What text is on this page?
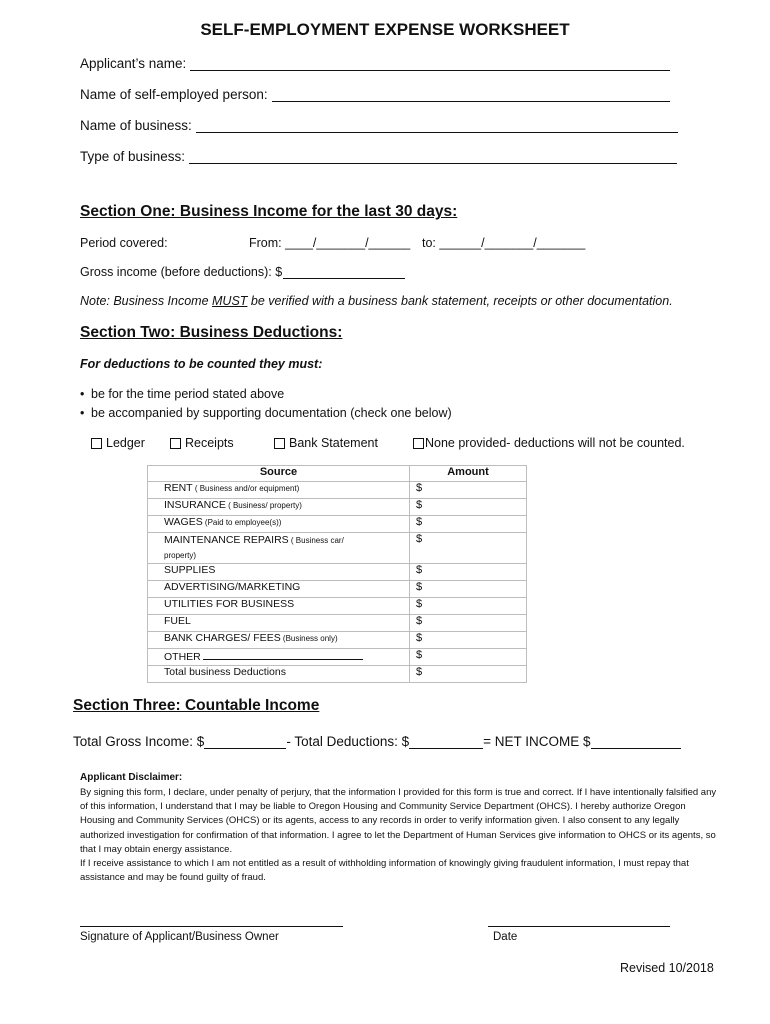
SELF-EMPLOYMENT EXPENSE WORKSHEET
Applicant’s name:
Name of self-employed person:
Name of business:
Type of business:
Section One: Business Income for the last 30 days:
Period covered:	From: ____/_______/______ to: ______/_______/_______
Gross income (before deductions): $
Note: Business Income MUST be verified with a business bank statement, receipts or other documentation.
Section Two: Business Deductions:
For deductions to be counted they must:
• be for the time period stated above
• be accompanied by supporting documentation (check one below)
Ledger	Receipts	Bank Statement	None provided- deductions will not be counted.
Source	Amount
RENT ( Business and/or equipment)	$
INSURANCE ( Business/ property)	$
WAGES (Paid to employee(s))	$
MAINTENANCE REPAIRS ( Business car/ property)	$
SUPPLIES	$
ADVERTISING/MARKETING	$
UTILITIES FOR BUSINESS	$
FUEL	$
BANK CHARGES/ FEES (Business only)	$
OTHER	$
Total business Deductions	$
Section Three: Countable Income
Total Gross Income: $	- Total Deductions: $	= NET INCOME $
Applicant Disclaimer:
By signing this form, I declare, under penalty of perjury, that the information I provided for this form is true and correct. If I have intentionally falsified any of this information, I understand that I may be liable to Oregon Housing and Community Service Department (OHCS). I hereby authorize Oregon Housing and Community Services (OHCS) or its agents, access to any records in order to verify information given. I also consent to any legally authorized investigation for confirmation of that information. I agree to let the Department of Human Services give information to OHCS or its agents, so that I may obtain energy assistance.
If I receive assistance to which I am not entitled as a result of withholding information of knowingly giving fraudulent information, I must repay that assistance and may be found guilty of fraud.
Signature of Applicant/Business Owner	Date
Revised 10/2018
